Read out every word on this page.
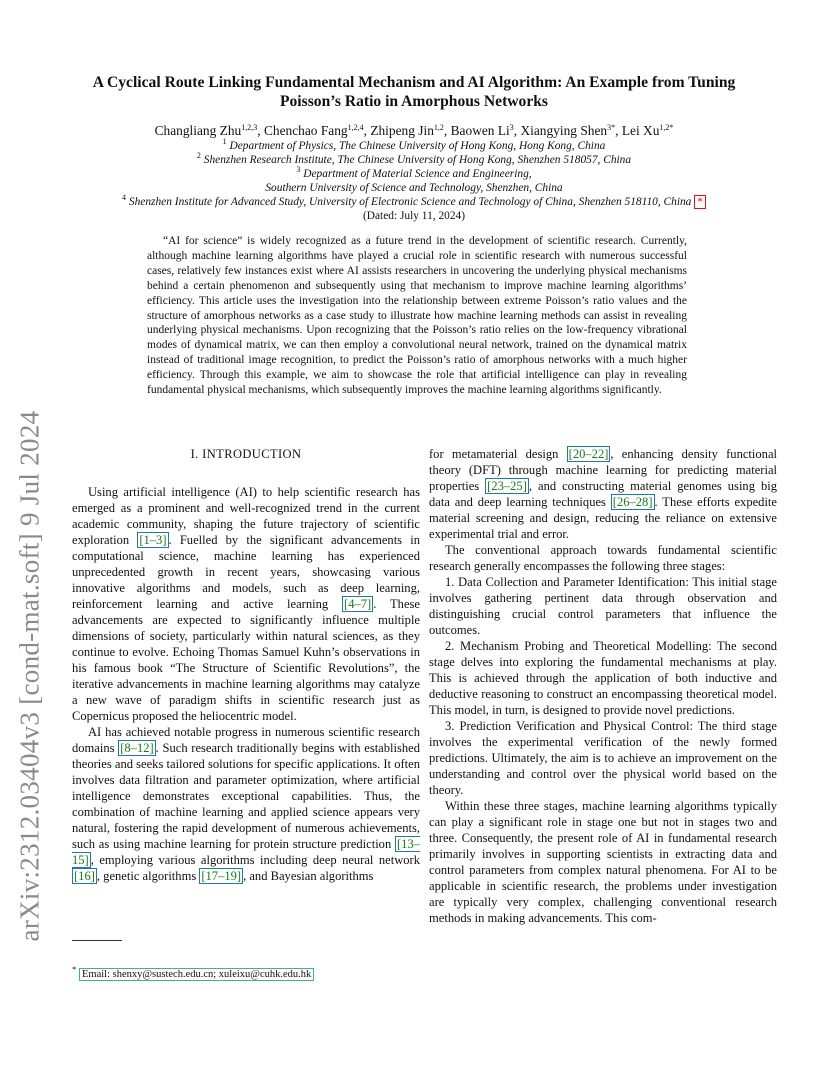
arXiv:2312.03404v3 [cond-mat.soft] 9 Jul 2024
A Cyclical Route Linking Fundamental Mechanism and AI Algorithm: An Example from Tuning Poisson’s Ratio in Amorphous Networks
Changliang Zhu$^{1,2,3}$, Chenchao Fang$^{1,2,4}$, Zhipeng Jin$^{1,2}$, Baowen Li$^3$, Xiangying Shen$^{3*}$, Lei $Xu^{1,2*}$
$^1$ Department of Physics, The Chinese University of Hong Kong, Hong Kong, China
$^2$ Shenzhen Research Institute, The Chinese University of Hong Kong, Shenzhen 518057, China
$^3$ Department of Material Science and Engineering,
Southern University of Science and Technology, Shenzhen, China
$^4$ Shenzhen Institute for Advanced Study, University of Electronic Science and Technology of China, Shenzhen 518110, China *
(Dated: July 11, 2024)
“AI for science” is widely recognized as a future trend in the development of scientific research. Currently, although machine learning algorithms have played a crucial role in scientific research with numerous successful cases, relatively few instances exist where AI assists researchers in uncovering the underlying physical mechanisms behind a certain phenomenon and subsequently using that mechanism to improve machine learning algorithms’ efficiency. This article uses the investigation into the relationship between extreme Poisson’s ratio values and the structure of amorphous networks as a case study to illustrate how machine learning methods can assist in revealing underlying physical mechanisms. Upon recognizing that the Poisson’s ratio relies on the low-frequency vibrational modes of dynamical matrix, we can then employ a convolutional neural network, trained on the dynamical matrix instead of traditional image recognition, to predict the Poisson’s ratio of amorphous networks with a much higher efficiency. Through this example, we aim to showcase the role that artificial intelligence can play in revealing fundamental physical mechanisms, which subsequently improves the machine learning algorithms significantly.
I. INTRODUCTION

Using artificial intelligence (AI) to help scientific research has emerged as a prominent and well-recognized trend in the current academic community, shaping the future trajectory of scientific exploration [1–3] . Fuelled by the significant advancements in computational science, machine learning has experienced unprecedented growth in recent years, showcasing various innovative algorithms and models, such as deep learning, reinforcement learning and active learning [4–7] . These advancements are expected to significantly influence multiple dimensions of society, particularly within natural sciences, as they continue to evolve. Echoing Thomas Samuel Kuhn’s observations in his famous book “The Structure of Scientific Revolutions”, the iterative advancements in machine learning algorithms may catalyze a new wave of paradigm shifts in scientific research just as Copernicus proposed the heliocentric model.

AI has achieved notable progress in numerous scientific research domains [8–12] . Such research traditionally begins with established theories and seeks tailored solutions for specific applications. It often involves data filtration and parameter optimization, where artificial intelligence demonstrates exceptional capabilities. Thus, the combination of machine learning and applied science appears very natural, fostering the rapid development of numerous achievements, such as using machine learning for protein structure prediction [13–15] , employing various algorithms including deep neural network [16] , genetic algorithms [17–19] , and Bayesian algorithms

for metamaterial design [20–22] , enhancing density functional theory (DFT) through machine learning for predicting material properties [23–25] , and constructing material genomes using big data and deep learning techniques [26–28] . These efforts expedite material screening and design, reducing the reliance on extensive experimental trial and error.

The conventional approach towards fundamental scientific research generally encompasses the following three stages:

1. Data Collection and Parameter Identification: This initial stage involves gathering pertinent data through observation and distinguishing crucial control parameters that influence the outcomes.

2. Mechanism Probing and Theoretical Modelling: The second stage delves into exploring the fundamental mechanisms at play. This is achieved through the application of both inductive and deductive reasoning to construct an encompassing theoretical model. This model, in turn, is designed to provide novel predictions.

3. Prediction Verification and Physical Control: The third stage involves the experimental verification of the newly formed predictions. Ultimately, the aim is to achieve an improvement on the understanding and control over the physical world based on the theory.

Within these three stages, machine learning algorithms typically can play a significant role in stage one but not in stages two and three. Consequently, the present role of AI in fundamental research primarily involves in supporting scientists in extracting data and control parameters from complex natural phenomena. For AI to be applicable in scientific research, the problems under investigation are typically very complex, challenging conventional research methods in making advancements. This com-

* Email: shenxy@sustech.edu.cn; xuleixu@cuhk.edu.hk
